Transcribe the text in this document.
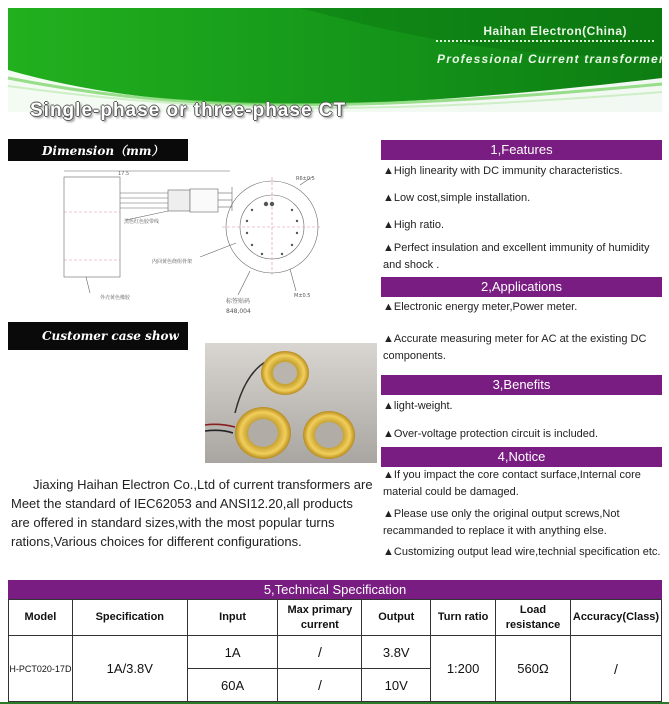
Haihan Electron(China)
Professional Current transformer
Single-phase or three-phase CT
Dimension（mm）
17.5
黑色红色胶带线
内回黄色绕组骨架
外壳黄色橡胶	标签贴码
848,004
R6±0.5
M±0.5
Customer case show

Jiaxing Haihan Electron Co.,Ltd of current transformers are Meet the standard of IEC62053 and ANSI12.20,all products are offered in standard sizes,with the most popular turns rations,Various choices for different configurations.

1,Features
▲High linearity with DC immunity characteristics.
▲Low cost,simple installation.
▲High ratio.
▲Perfect insulation and excellent immunity of humidity and shock .
2,Applications
▲Electronic energy meter,Power meter.
▲Accurate measuring meter for AC at the existing DC components.
3,Benefits
▲light-weight.
▲Over-voltage protection circuit is included.
4,Notice
▲If you impact the core contact surface,Internal core material could be damaged.
▲Please use only the original output screws,Not recammanded to replace it with anything else.
▲Customizing output lead wire,technial specification etc.
5,Technical Specification
Model	Specification	Input	Max primary current	Output	Turn ratio	Load resistance	Accuracy(Class)
H-PCT020-17D	1A/3.8V	1A	/	3.8V	1:200	560Ω	/
		60A	/	10V			
